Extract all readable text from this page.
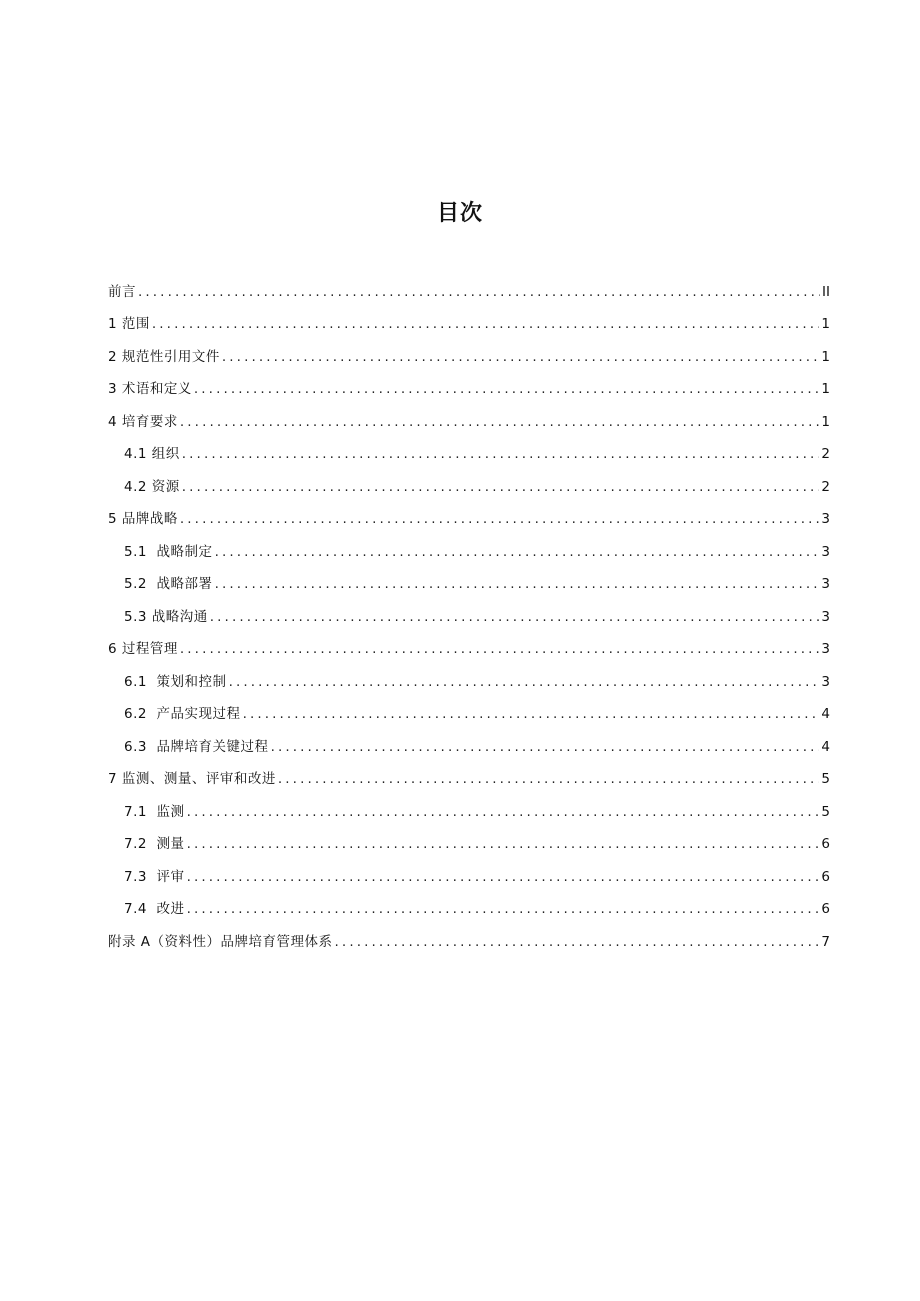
目次
前言 .....	II
1 范围 .....	1
2 规范性引用文件 .....	1
3 术语和定义 .....	1
4 培育要求 .....	1
4.1 组织 .....	2
4.2 资源 .....	2
5 品牌战略 .....	3
5.1  战略制定 .....	3
5.2  战略部署 .....	3
5.3 战略沟通 .....	3
6 过程管理 .....	3
6.1  策划和控制 .....	3
6.2  产品实现过程 .....	4
6.3  品牌培育关键过程 .....	4
7 监测、测量、评审和改进 .....	5
7.1  监测 .....	5
7.2  测量 .....	6
7.3  评审 .....	6
7.4  改进 .....	6
附录 A（资料性）品牌培育管理体系 .....	7
